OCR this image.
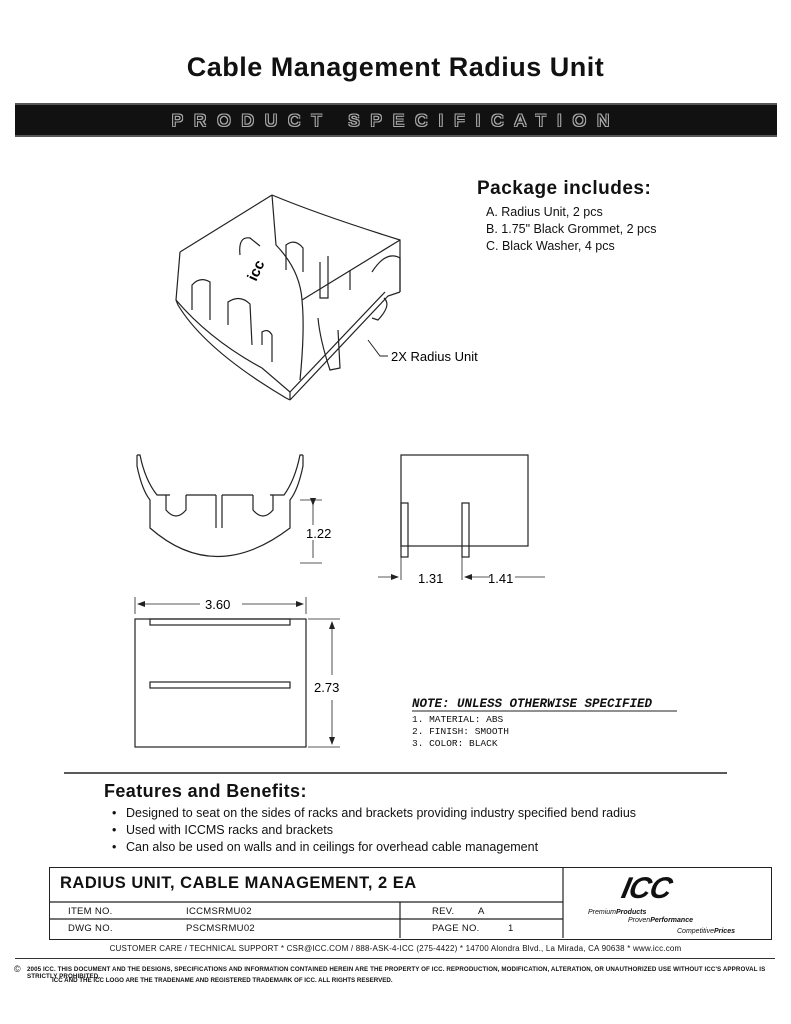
Cable Management Radius Unit
PRODUCT SPECIFICATION
Package includes:
A. Radius Unit, 2 pcs
B. 1.75" Black Grommet, 2 pcs
C. Black Washer, 4 pcs
icc
2X Radius Unit
1.22
1.31	1.41
3.60
2.73
NOTE: UNLESS OTHERWISE SPECIFIED
1. MATERIAL: ABS
2. FINISH: SMOOTH
3. COLOR: BLACK
Features and Benefits:
• Designed to seat on the sides of racks and brackets providing industry specified bend radius
• Used with ICCMS racks and brackets
• Can also be used on walls and in ceilings for overhead cable management
RADIUS UNIT, CABLE MANAGEMENT, 2 EA
ITEM NO.	ICCMSRMU02
DWG NO.	PSCMSRMU02
REV. A
PAGE NO.	1
ICC
PremiumProducts
ProvenPerformance
CompetitivePrices
CUSTOMER CARE / TECHNICAL SUPPORT * CSR@ICC.COM / 888-ASK-4-ICC (275-4422) * 14700 Alondra Blvd., La Mirada, CA 90638 * www.icc.com
© 2005 ICC. THIS DOCUMENT AND THE DESIGNS, SPECIFICATIONS AND INFORMATION CONTAINED HEREIN ARE THE PROPERTY OF ICC. REPRODUCTION, MODIFICATION, ALTERATION, OR UNAUTHORIZED USE WITHOUT ICC'S APPROVAL IS STRICTLY PROHIBITED.
ICC AND THE ICC LOGO ARE THE TRADENAME AND REGISTERED TRADEMARK OF ICC. ALL RIGHTS RESERVED.
